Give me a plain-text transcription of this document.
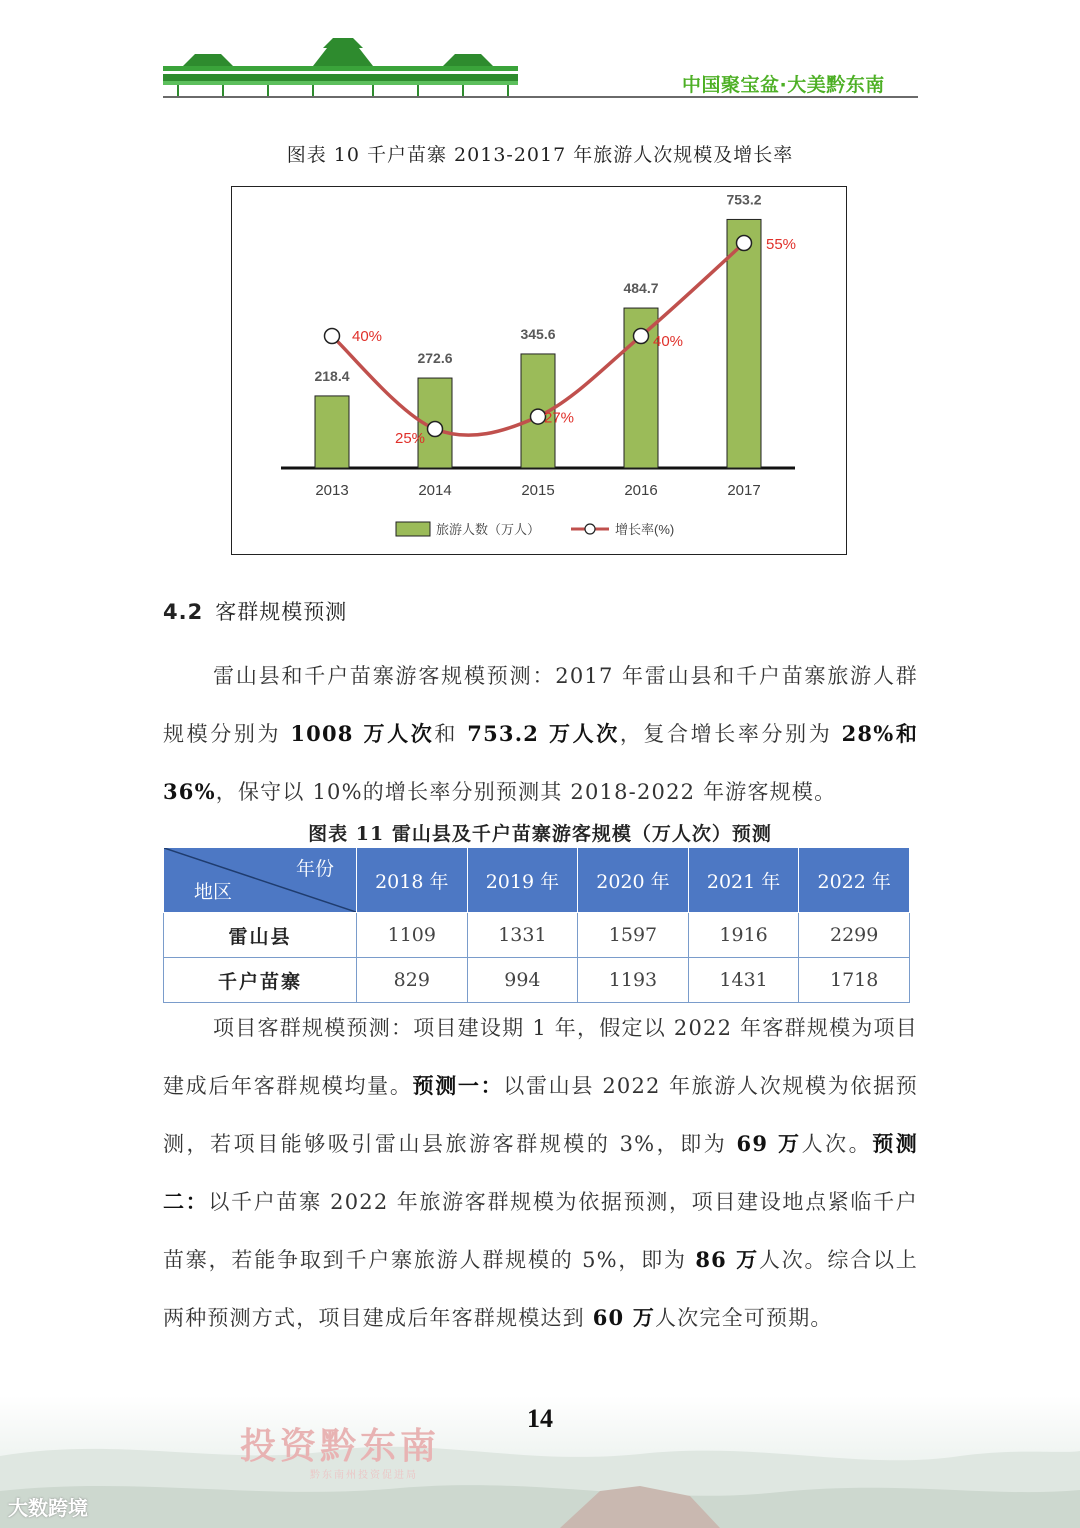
中国聚宝盆·大美黔东南
图表 10 千户苗寨 2013-2017 年旅游人次规模及增长率
218.4
2013
272.6
2014
345.6
2015
484.7
2016
753.2
2017
40%
25%
27%
40%
55%
旅游人数（万人）	增长率(%)
4.2 客群规模预测
雷山县和千户苗寨游客规模预测：2017 年雷山县和千户苗寨旅游人群规模分别为 1008 万人次和 753.2 万人次，复合增长率分别为 28%和 36%，保守以 10%的增长率分别预测其 2018-2022 年游客规模。
图表 11 雷山县及千户苗寨游客规模（万人次）预测
年份
地区	2018 年	2019 年	2020 年	2021 年	2022 年
雷山县	1109	1331	1597	1916	2299
千户苗寨	829	994	1193	1431	1718
项目客群规模预测：项目建设期 1 年，假定以 2022 年客群规模为项目建成后年客群规模均量。预测一：以雷山县 2022 年旅游人次规模为依据预测，若项目能够吸引雷山县旅游客群规模的 3%，即为 69 万人次。预测二：以千户苗寨 2022 年旅游客群规模为依据预测，项目建设地点紧临千户苗寨，若能争取到千户寨旅游人群规模的 5%，即为 86 万人次。综合以上两种预测方式，项目建成后年客群规模达到 60 万人次完全可预期。
14
投资黔东南
黔东南州投资促进局
大数跨境
